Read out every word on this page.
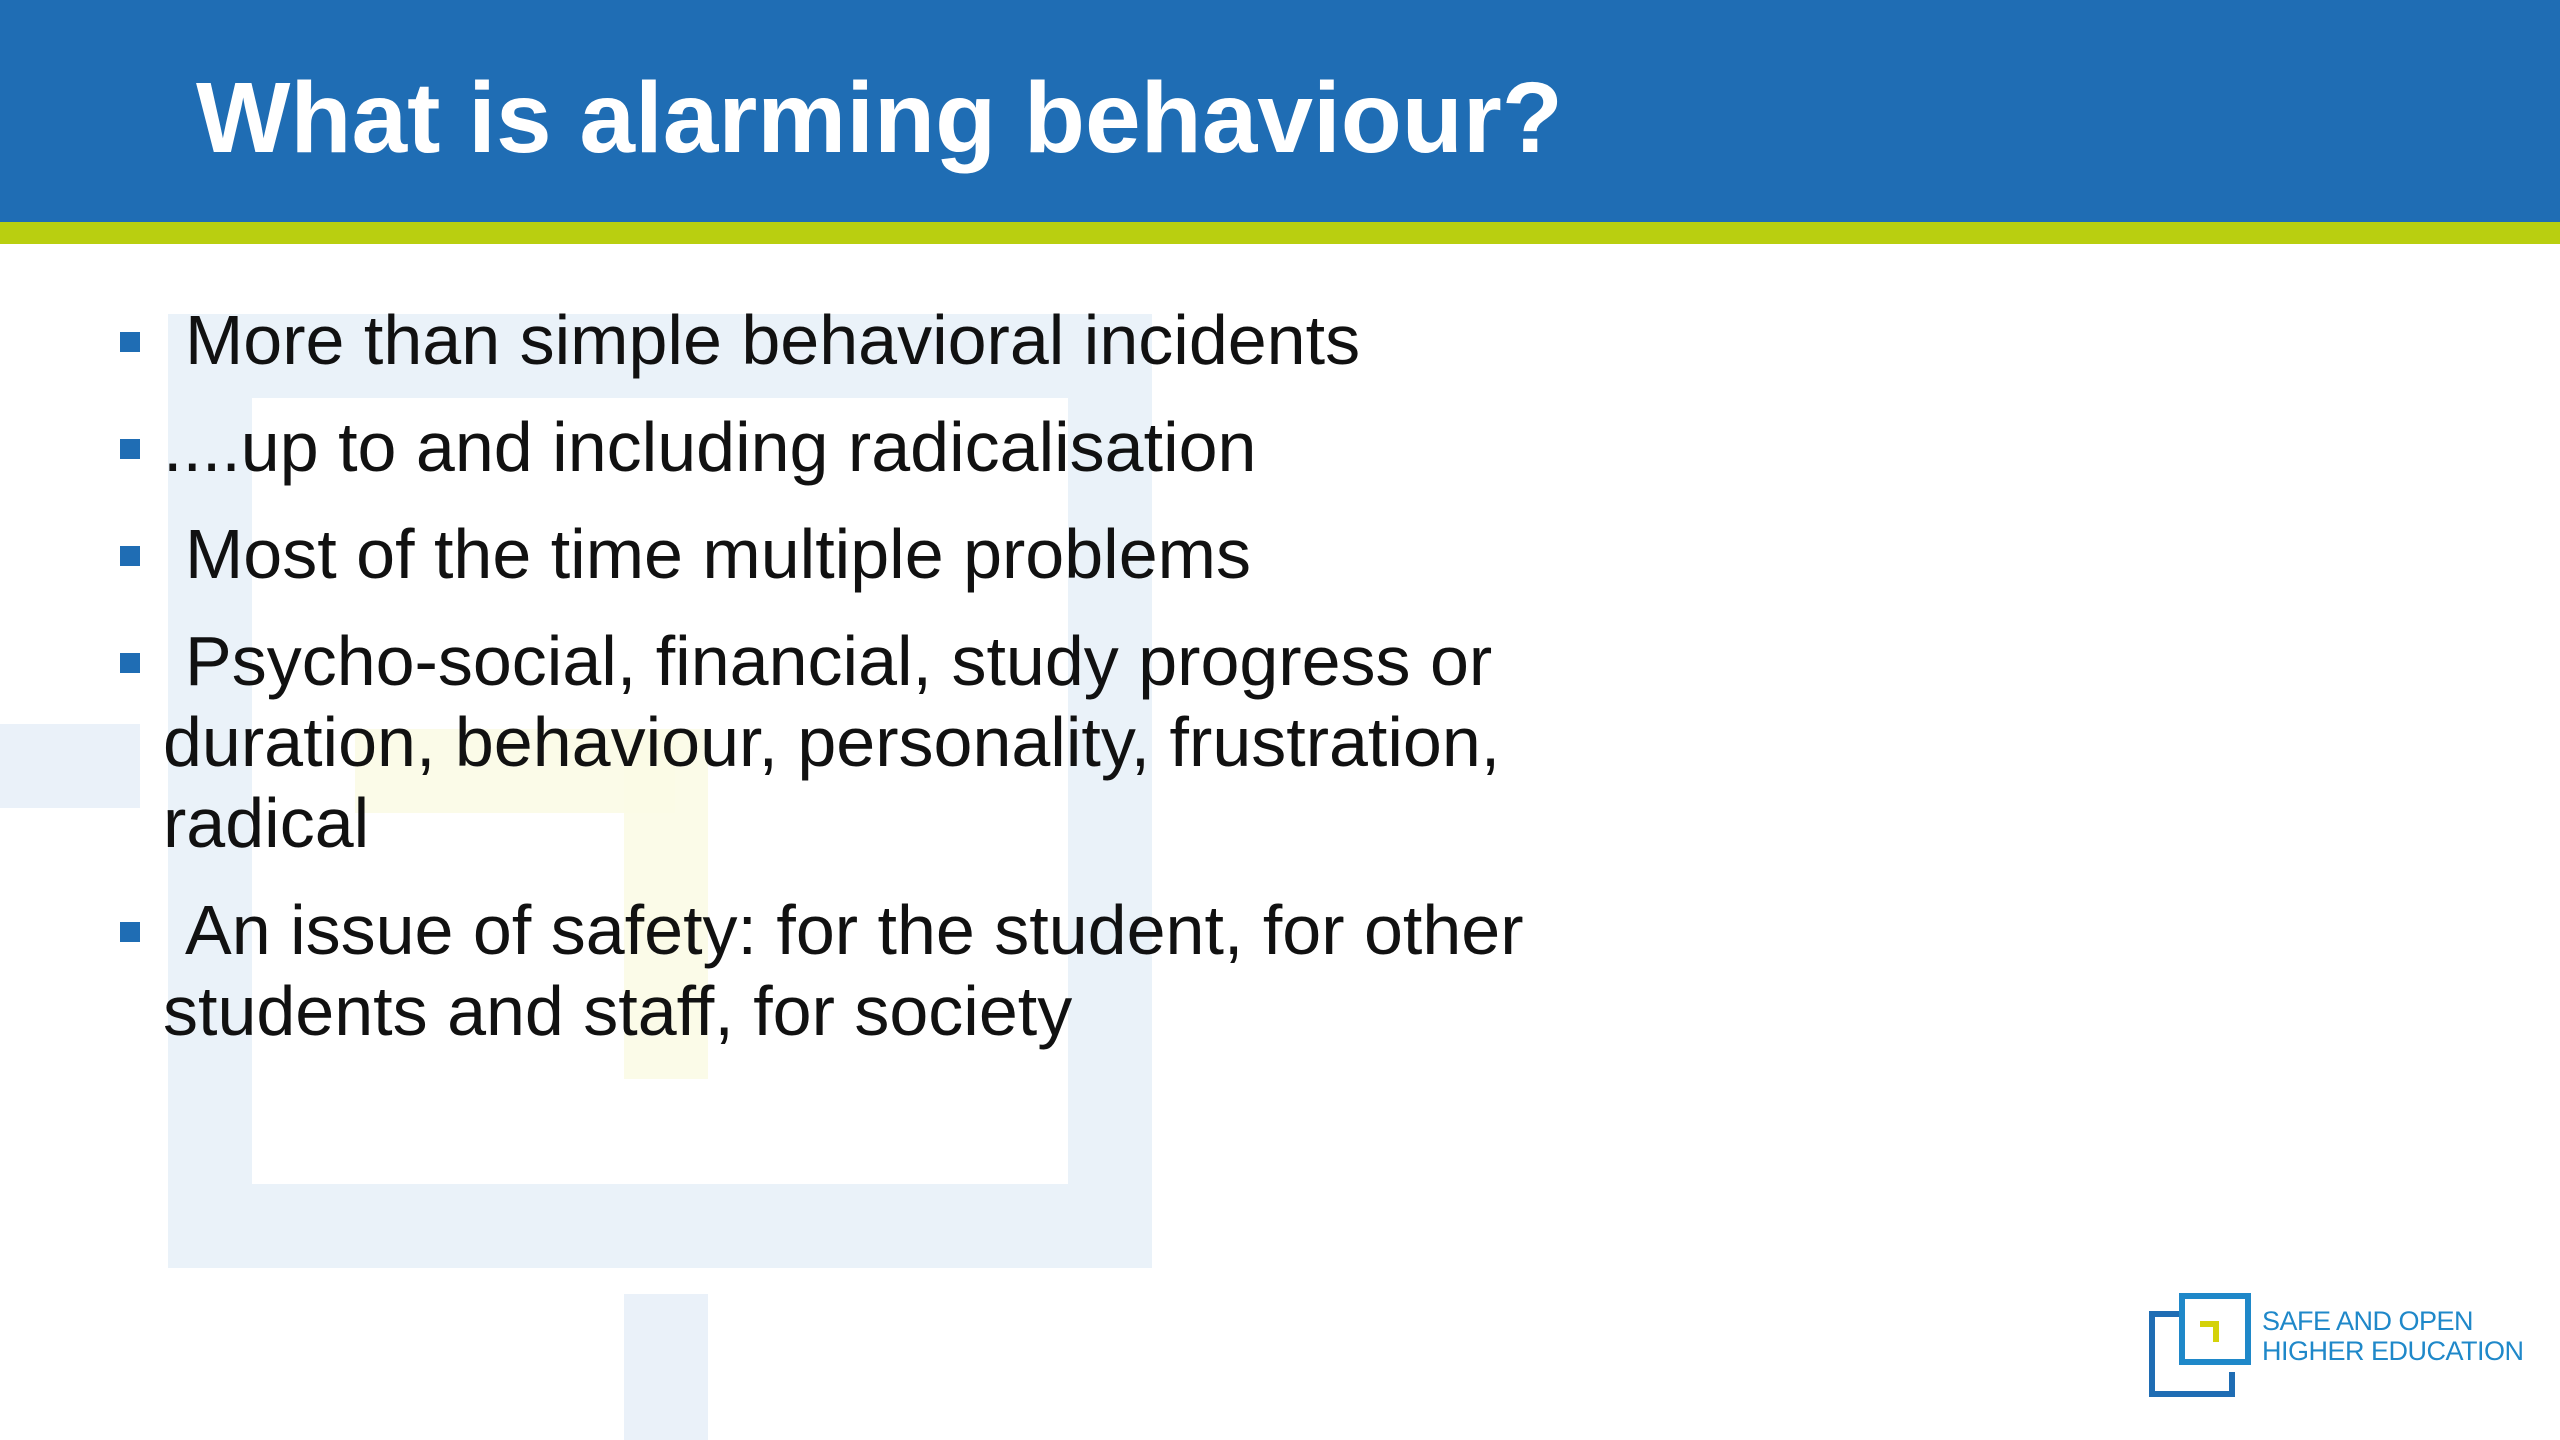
What is alarming behaviour?
More than simple behavioral incidents
....up to and including radicalisation
Most of the time multiple problems
Psycho-social, financial, study progress or duration, behaviour, personality, frustration, radical
An issue of safety: for the student, for other students and staff, for society
SAFE AND OPEN
HIGHER EDUCATION
